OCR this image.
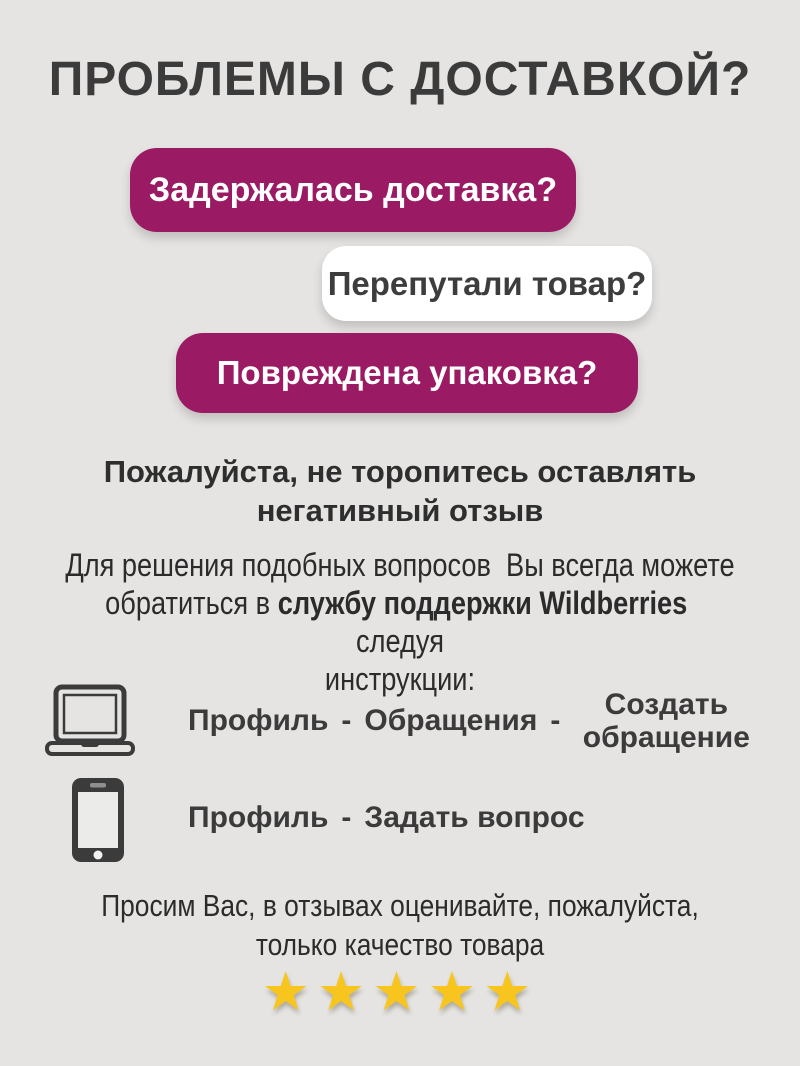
ПРОБЛЕМЫ С ДОСТАВКОЙ?
Задержалась доставка?
Перепутали товар?
Повреждена упаковка?
Пожалуйста, не торопитесь оставлять
негативный отзыв
Для решения подобных вопросов  Вы всегда можете
обратиться в службу поддержки Wildberries  следуя
инструкции:
Профиль - Обращения -	Создать обращение
Профиль - Задать вопрос
Просим Вас, в отзывах оценивайте, пожалуйста,
только качество товара
★★★★★
